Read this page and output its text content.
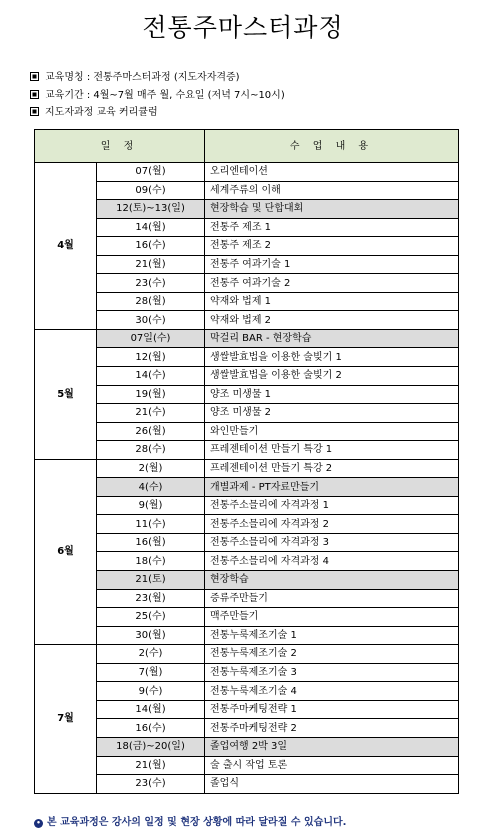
전통주마스터과정
교육명칭 : 전통주마스터과정 (지도자자격증)
교육기간 : 4월~7월 매주 월, 수요일 (저녁 7시~10시)
지도자과정 교육 커리큘럼
일 정		수 업 내 용
4월	07(월)	오리엔테이션
	09(수)	세계주류의 이해
	12(토)~13(일)	현장학습 및 단합대회
	14(월)	전통주 제조 1
	16(수)	전통주 제조 2
	21(월)	전통주 여과기술 1
	23(수)	전통주 여과기술 2
	28(월)	약재와 법제 1
	30(수)	약재와 법제 2
5월	07일(수)	막걸리 BAR - 현장학습
	12(월)	생쌀발효법을 이용한 술빚기 1
	14(수)	생쌀발효법을 이용한 술빚기 2
	19(월)	양조 미생물 1
	21(수)	양조 미생물 2
	26(월)	와인만들기
	28(수)	프레젠테이션 만들기 특강 1
6월	2(월)	프레젠테이션 만들기 특강 2
	4(수)	개별과제 - PT자료만들기
	9(월)	전통주소믈리에 자격과정 1
	11(수)	전통주소믈리에 자격과정 2
	16(월)	전통주소믈리에 자격과정 3
	18(수)	전통주소믈리에 자격과정 4
	21(토)	현장학습
	23(월)	증류주만들기
	25(수)	맥주만들기
	30(월)	전통누룩제조기술 1
7월	2(수)	전통누룩제조기술 2
	7(월)	전통누룩제조기술 3
	9(수)	전통누룩제조기술 4
	14(월)	전통주마케팅전략 1
	16(수)	전통주마케팅전략 2
	18(금)~20(일)	졸업여행 2박 3일
	21(월)	술 출시 작업 토론
	23(수)	졸업식
• 본 교육과정은 강사의 일정 및 현장 상황에 따라 달라질 수 있습니다.
